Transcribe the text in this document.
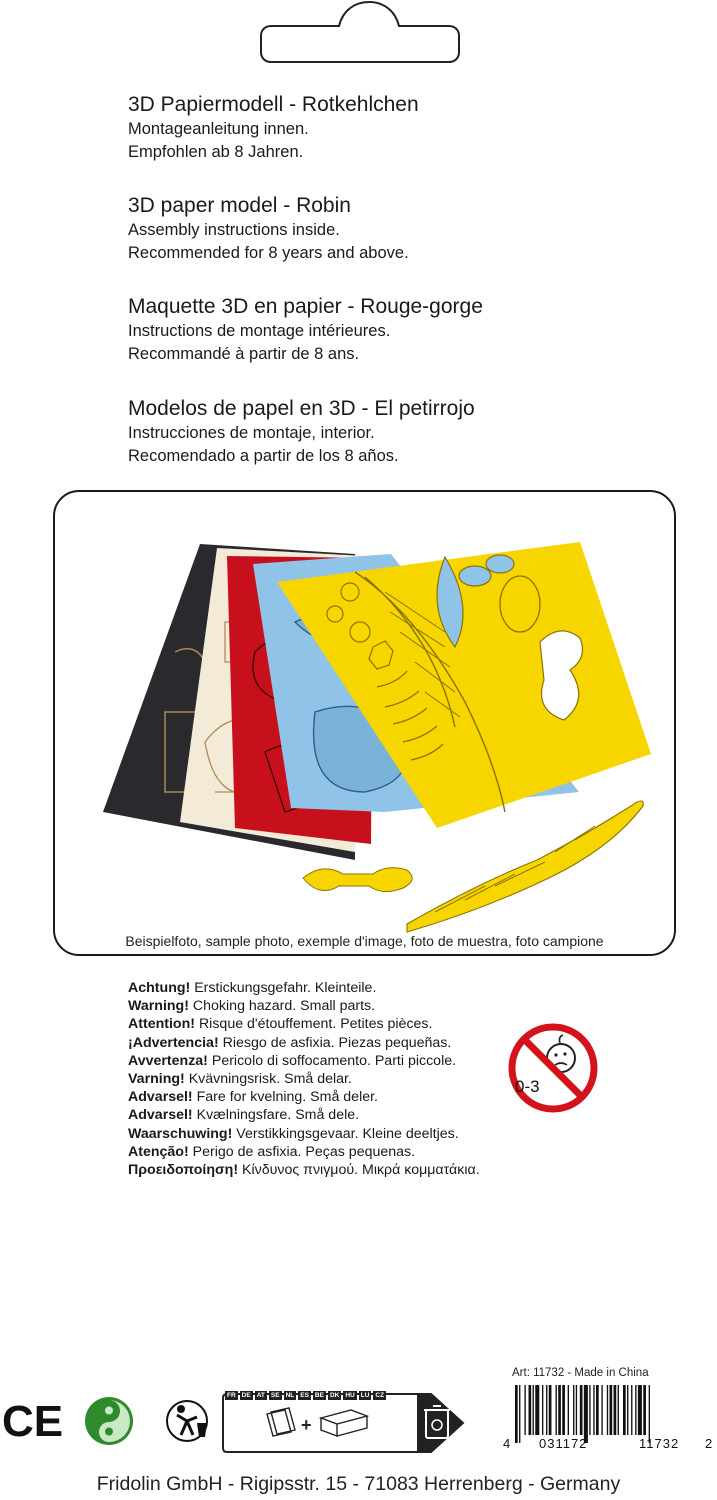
3D Papiermodell - Rotkehlchen
Montageanleitung innen.
Empfohlen ab 8 Jahren.
3D paper model - Robin
Assembly instructions inside.
Recommended for 8 years and above.
Maquette 3D en papier - Rouge-gorge
Instructions de montage intérieures.
Recommandé à partir de 8 ans.
Modelos de papel en 3D - El petirrojo
Instrucciones de montaje, interior.
Recomendado a partir de los 8 años.
Beispielfoto, sample photo, exemple d'image, foto de muestra, foto campione
Achtung! Erstickungsgefahr. Kleinteile.
Warning! Choking hazard. Small parts.
Attention! Risque d'étouffement. Petites pièces.
¡Advertencia! Riesgo de asfixia. Piezas pequeñas.
Avvertenza! Pericolo di soffocamento. Parti piccole.
Varning! Kvävningsrisk. Små delar.
Advarsel! Fare for kvelning. Små deler.
Advarsel! Kvælningsfare. Små dele.
Waarschuwing! Verstikkingsgevaar. Kleine deeltjes.
Atenção! Perigo de asfixia. Peças pequenas.
Προειδοποίηση! Κίνδυνος πνιγμού. Μικρά κομματάκια.
0-3
CE	+
FR DE AT SE NL ES BE DK HU LU CZ
Art: 11732 - Made in China
4 031172	11732 2
Fridolin GmbH - Rigipsstr. 15 - 71083 Herrenberg - Germany
